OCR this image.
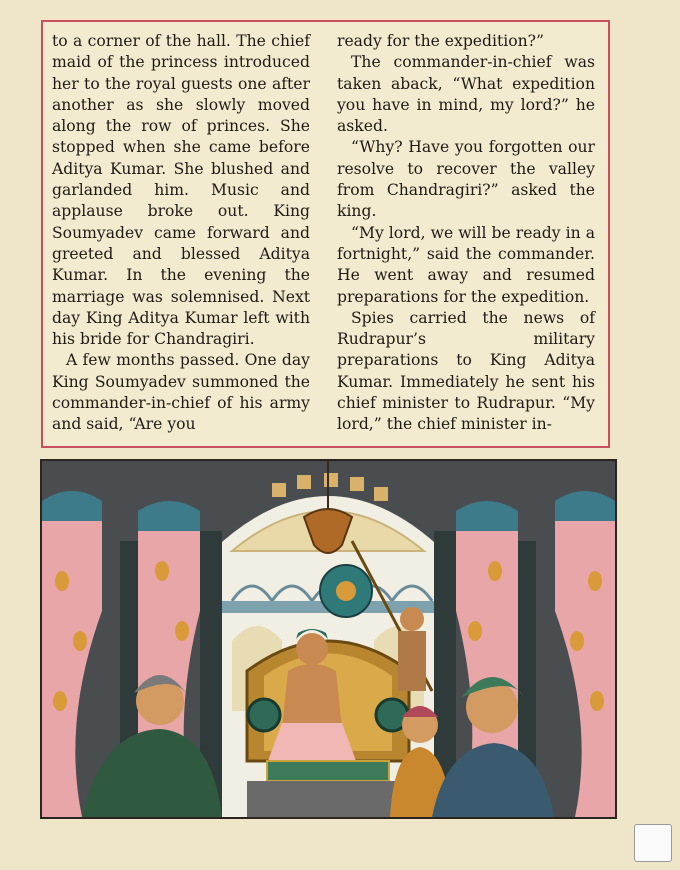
to a corner of the hall. The chief maid of the princess introduced her to the royal guests one after another as she slowly moved along the row of princes. She stopped when she came before Aditya Kumar. She blushed and garlanded him. Music and applause broke out. King Soumyadev came forward and greeted and blessed Aditya Kumar. In the evening the marriage was solemnised. Next day King Aditya Kumar left with his bride for Chandragiri.

A few months passed. One day King Soumyadev summoned the commander-in-chief of his army and said, “Are you

ready for the expedition?”

The commander-in-chief was taken aback, “What expedition you have in mind, my lord?” he asked.

“Why? Have you forgotten our resolve to recover the valley from Chandragiri?” asked the king.

“My lord, we will be ready in a fortnight,” said the commander. He went away and resumed preparations for the expedition.

Spies carried the news of Rudrapur’s military preparations to King Aditya Kumar. Immediately he sent his chief minister to Rudrapur. “My lord,” the chief minister in-
